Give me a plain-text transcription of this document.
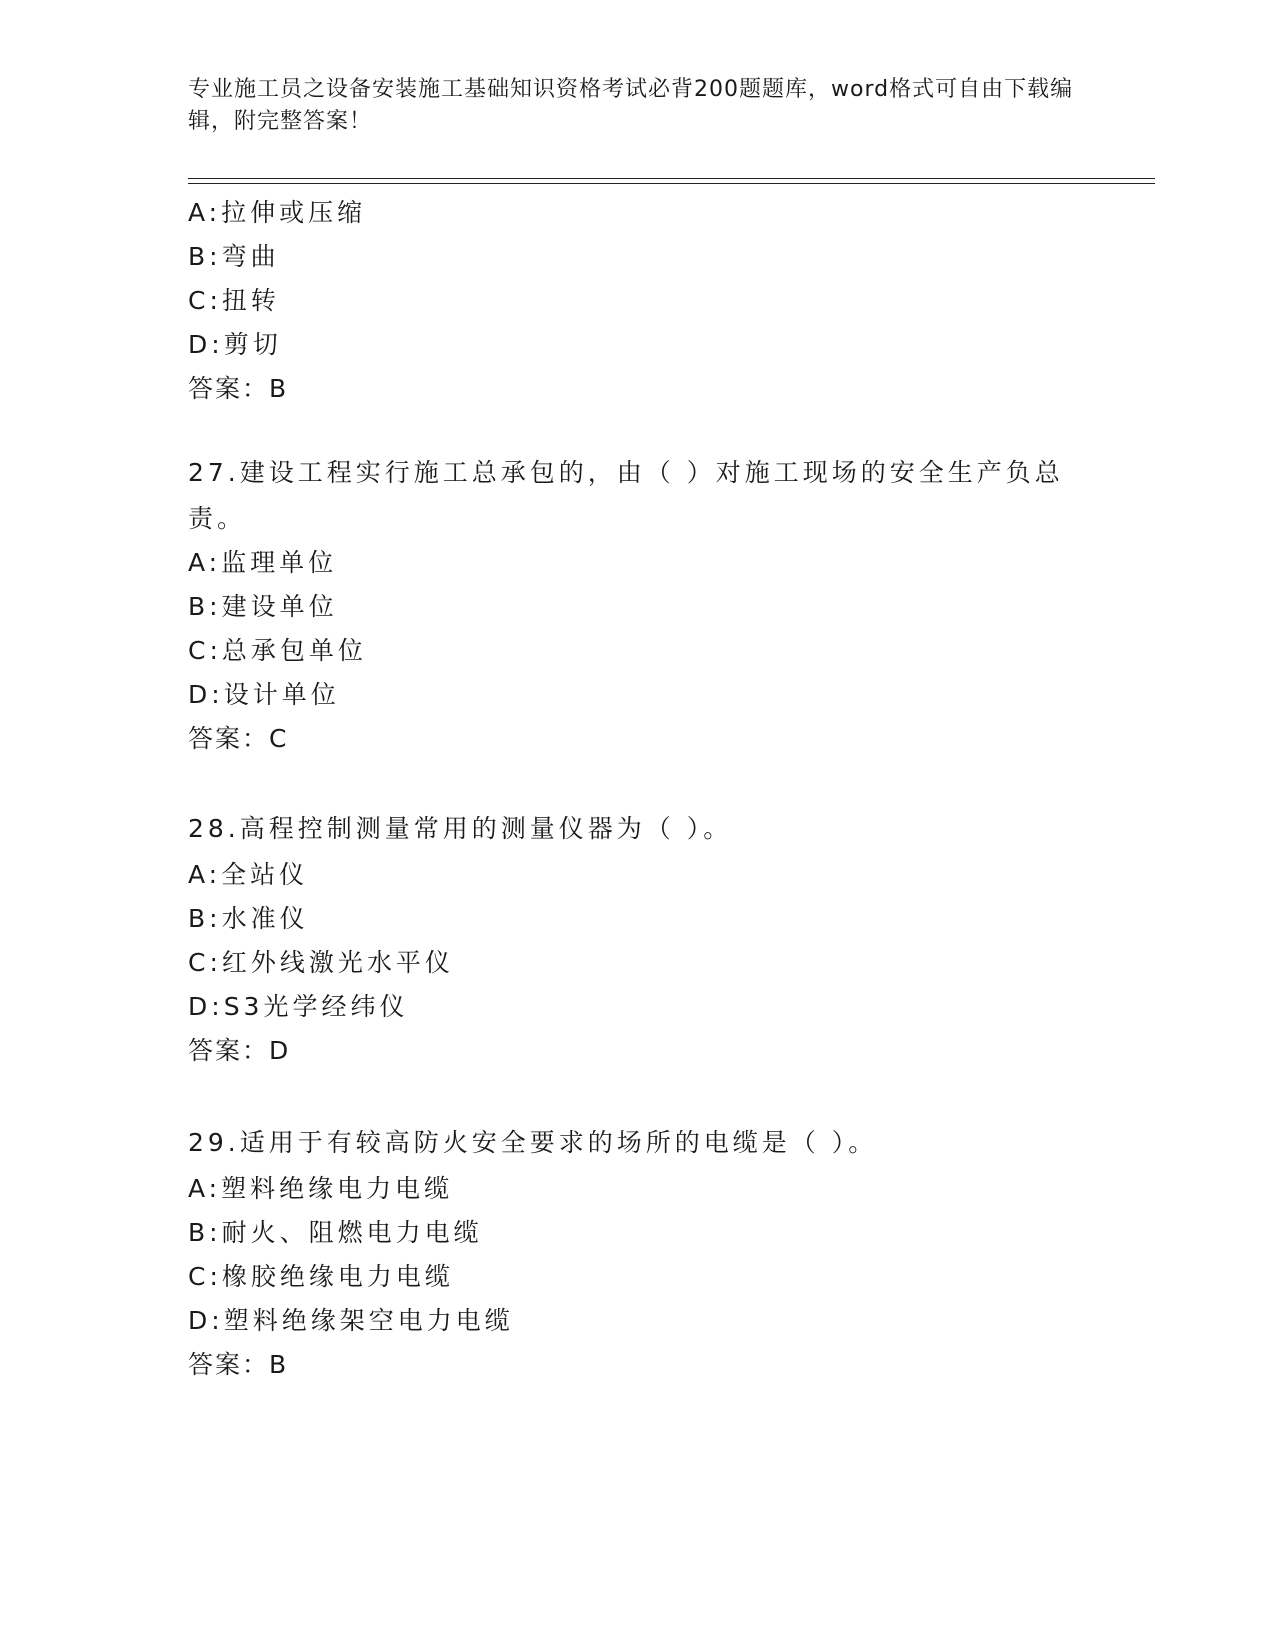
专业施工员之设备安装施工基础知识资格考试必背200题题库，word格式可自由下载编辑，附完整答案！
A:拉伸或压缩
B:弯曲
C:扭转
D:剪切
答案：B
27.建设工程实行施工总承包的，由（ ）对施工现场的安全生产负总责。
A:监理单位
B:建设单位
C:总承包单位
D:设计单位
答案：C
28.高程控制测量常用的测量仪器为（ ）。
A:全站仪
B:水准仪
C:红外线激光水平仪
D:S3光学经纬仪
答案：D
29.适用于有较高防火安全要求的场所的电缆是（ ）。
A:塑料绝缘电力电缆
B:耐火、阻燃电力电缆
C:橡胶绝缘电力电缆
D:塑料绝缘架空电力电缆
答案：B
